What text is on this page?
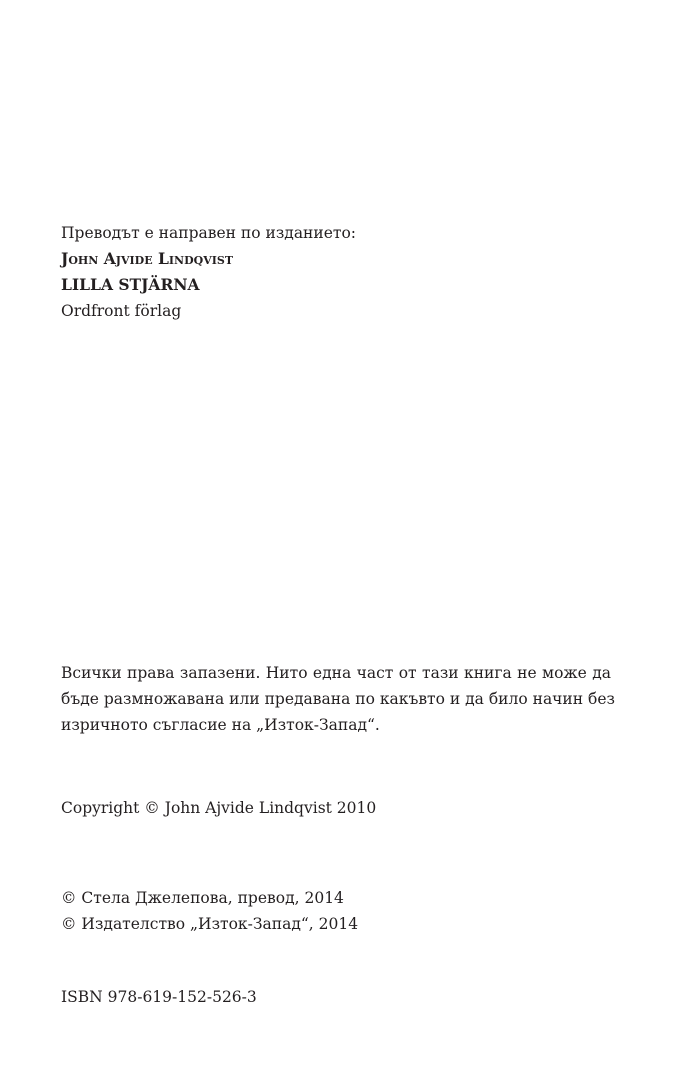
Преводът е направен по изданието:
John Ajvide Lindqvist
LILLA STJÄRNA
Ordfront förlag
Всички права запазени. Нито една част от тази книга не може да
бъде размножавана или предавана по какъвто и да било начин без
изричното съгласие на „Изток-Запад“.
Copyright © John Ajvide Lindqvist 2010
© Стела Джелепова, превод, 2014
© Издателство „Изток-Запад“, 2014
ISBN 978-619-152-526-3
